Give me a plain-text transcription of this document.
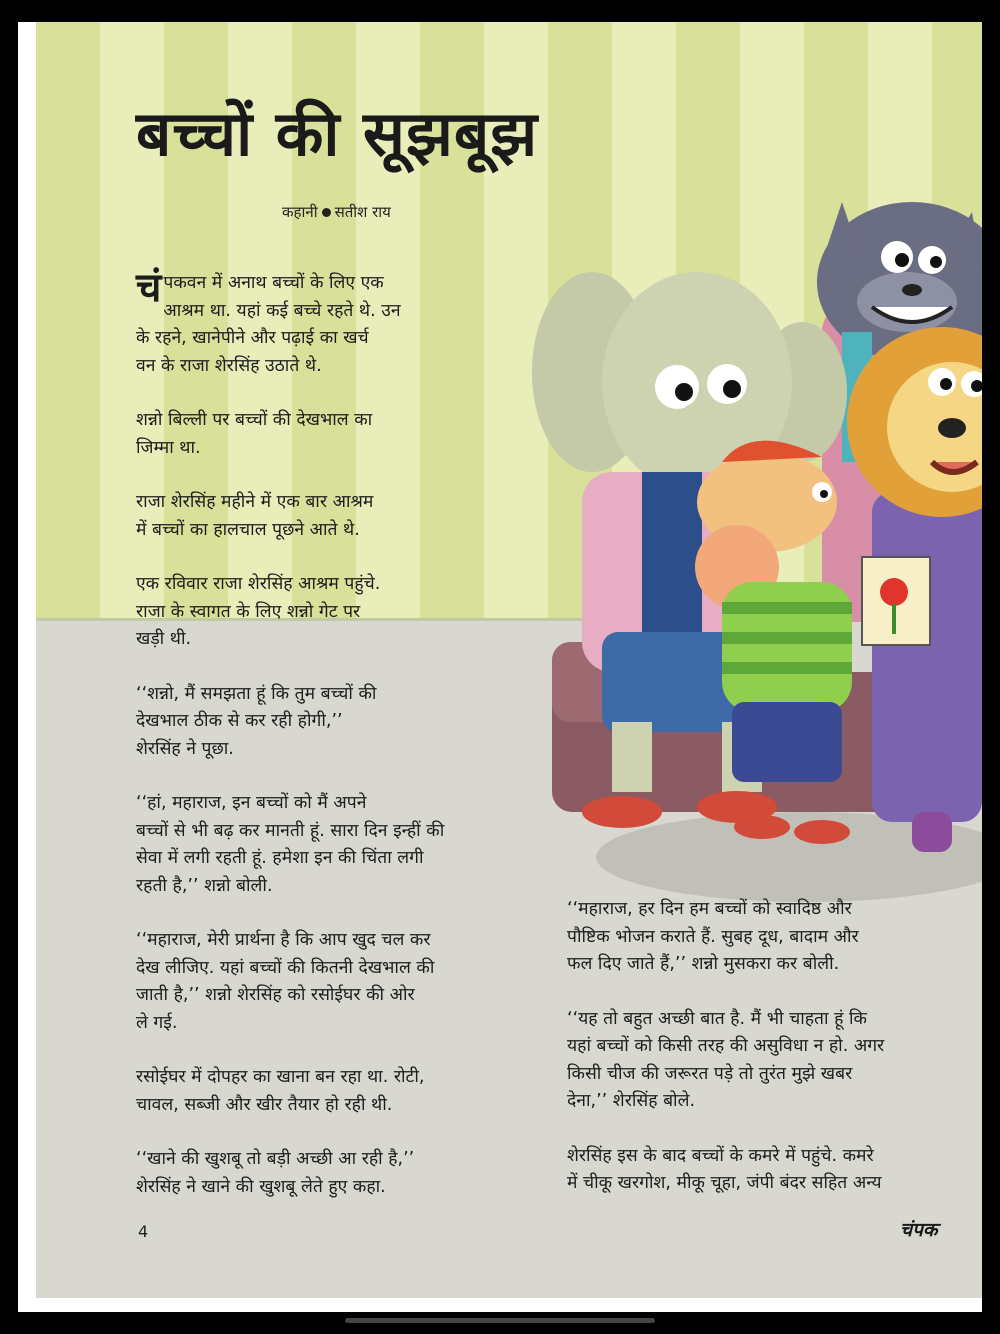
बच्चों की सूझबूझ
कहानी सतीश राय

चंपकवन में अनाथ बच्चों के लिए एक
आश्रम था. यहां कई बच्चे रहते थे. उन
के रहने, खानेपीने और पढ़ाई का खर्च
वन के राजा शेरसिंह उठाते थे.

शन्नो बिल्ली पर बच्चों की देखभाल का
जिम्मा था.

राजा शेरसिंह महीने में एक बार आश्रम
में बच्चों का हालचाल पूछने आते थे.

एक रविवार राजा शेरसिंह आश्रम पहुंचे.
राजा के स्वागत के लिए शन्नो गेट पर
खड़ी थी.

‘‘शन्नो, मैं समझता हूं कि तुम बच्चों की
देखभाल ठीक से कर रही होगी,’’
शेरसिंह ने पूछा.

‘‘हां, महाराज, इन बच्चों को मैं अपने
बच्चों से भी बढ़ कर मानती हूं. सारा दिन इन्हीं की
सेवा में लगी रहती हूं. हमेशा इन की चिंता लगी
रहती है,’’ शन्नो बोली.

‘‘महाराज, मेरी प्रार्थना है कि आप खुद चल कर
देख लीजिए. यहां बच्चों की कितनी देखभाल की
जाती है,’’ शन्नो शेरसिंह को रसोईघर की ओर
ले गई.

रसोईघर में दोपहर का खाना बन रहा था. रोटी,
चावल, सब्जी और खीर तैयार हो रही थी.

‘‘खाने की खुशबू तो बड़ी अच्छी आ रही है,’’
शेरसिंह ने खाने की खुशबू लेते हुए कहा.

‘‘महाराज, हर दिन हम बच्चों को स्वादिष्ठ और
पौष्टिक भोजन कराते हैं. सुबह दूध, बादाम और
फल दिए जाते हैं,’’ शन्नो मुसकरा कर बोली.

‘‘यह तो बहुत अच्छी बात है. मैं भी चाहता हूं कि
यहां बच्चों को किसी तरह की असुविधा न हो. अगर
किसी चीज की जरूरत पड़े तो तुरंत मुझे खबर
देना,’’ शेरसिंह बोले.

शेरसिंह इस के बाद बच्चों के कमरे में पहुंचे. कमरे
में चीकू खरगोश, मीकू चूहा, जंपी बंदर सहित अन्य

4	चंपक
